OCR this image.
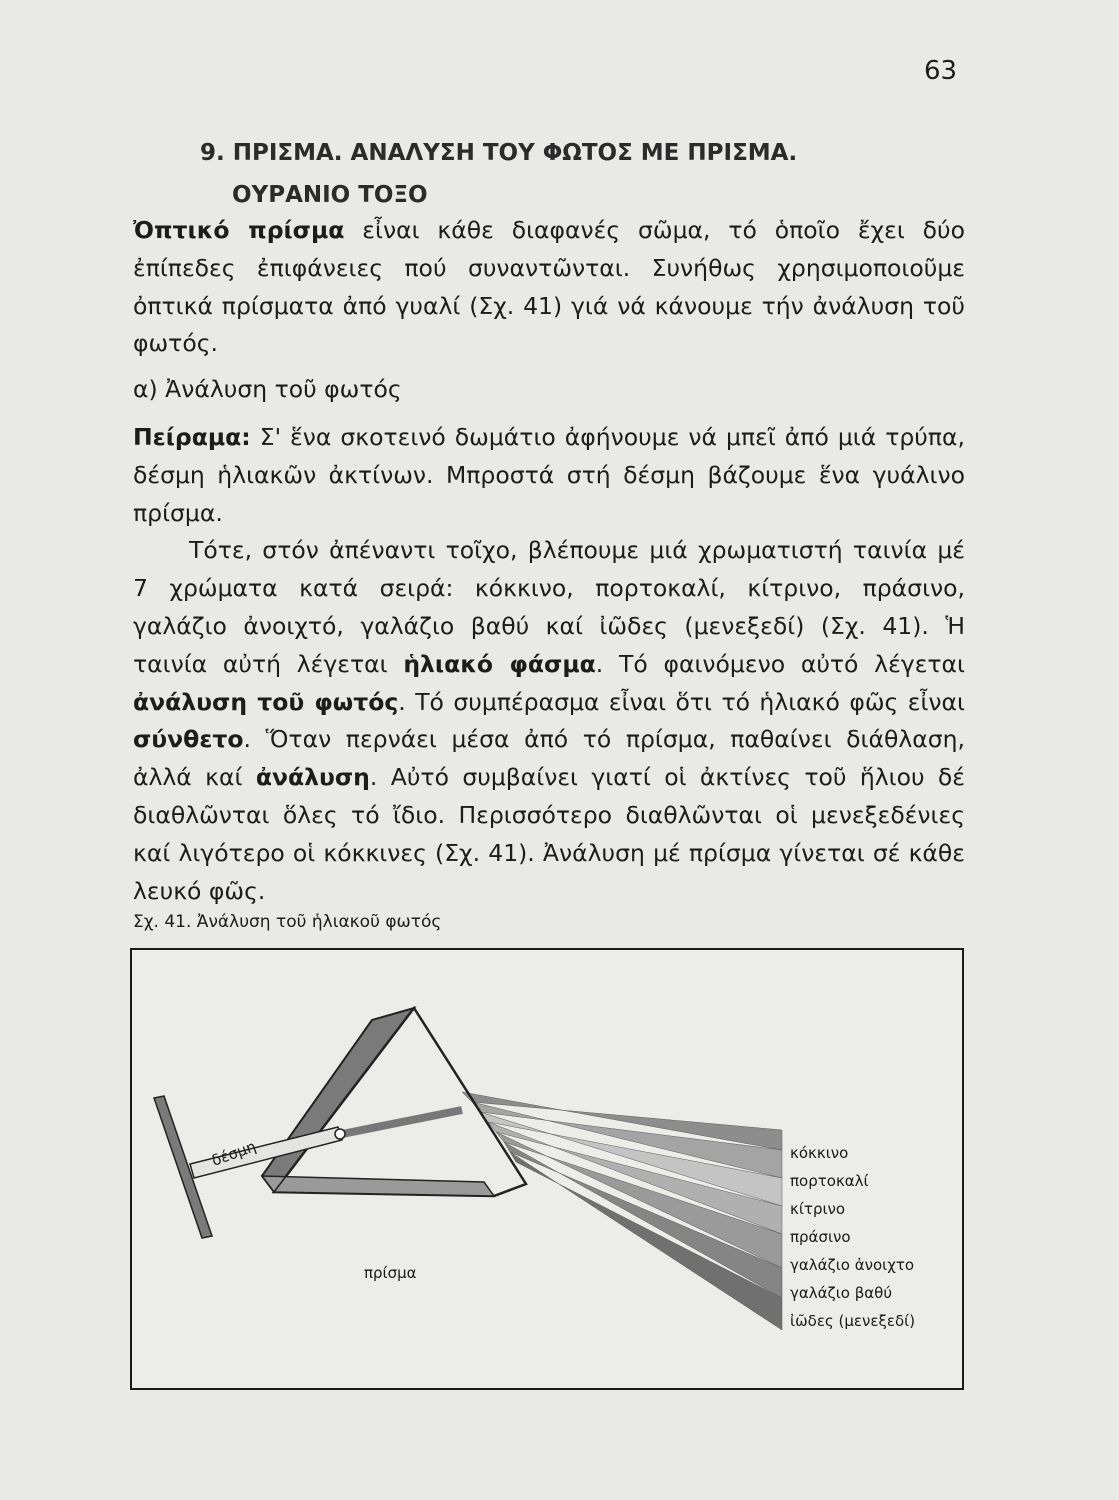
63
9. ΠΡΙΣΜΑ. ΑΝΑΛΥΣΗ ΤΟΥ ΦΩΤΟΣ ΜΕ ΠΡΙΣΜΑ.
ΟΥΡΑΝΙΟ ΤΟΞΟ

Ὀπτικό πρίσμα εἶναι κάθε διαφανές σῶμα, τό ὁποῖο ἔχει δύο ἐπίπεδες ἐπιφάνειες πού συναντῶνται. Συνήθως χρησιμοποιοῦμε ὀπτικά πρίσματα ἀπό γυαλί (Σχ. 41) γιά νά κάνουμε τήν ἀνάλυση τοῦ φωτός.

α) Ἀνάλυση τοῦ φωτός

Πείραμα: Σ' ἕνα σκοτεινό δωμάτιο ἀφήνουμε νά μπεῖ ἀπό μιά τρύπα, δέσμη ἡλιακῶν ἀκτίνων. Μπροστά στή δέσμη βάζουμε ἕνα γυάλινο πρίσμα.

Τότε, στόν ἀπέναντι τοῖχο, βλέπουμε μιά χρωματιστή ταινία μέ 7 χρώματα κατά σειρά: κόκκινο, πορτοκαλί, κίτρινο, πράσινο, γαλάζιο ἀνοιχτό, γαλάζιο βαθύ καί ἰῶδες (μενεξεδί) (Σχ. 41). Ἡ ταινία αὐτή λέγεται ἡλιακό φάσμα. Τό φαινόμενο αὐτό λέγεται ἀνάλυση τοῦ φωτός. Τό συμπέρασμα εἶναι ὅτι τό ἡλιακό φῶς εἶναι σύνθετο. Ὅταν περνάει μέσα ἀπό τό πρίσμα, παθαίνει διάθλαση, ἀλλά καί ἀνάλυση. Αὐτό συμβαίνει γιατί οἱ ἀκτίνες τοῦ ἥλιου δέ διαθλῶνται ὅλες τό ἴδιο. Περισσότερο διαθλῶνται οἱ μενεξεδένιες καί λιγότερο οἱ κόκκινες (Σχ. 41). Ἀνάλυση μέ πρίσμα γίνεται σέ κάθε λευκό φῶς.

Σχ. 41. Ἀνάλυση τοῦ ἡλιακοῦ φωτός
δέσμη
πρίσμα
κόκκινο
πορτοκαλί
κίτρινο
πράσινο
γαλάζιο ἀνοιχτο
γαλάζιο βαθύ
ἰῶδες (μενεξεδί)
